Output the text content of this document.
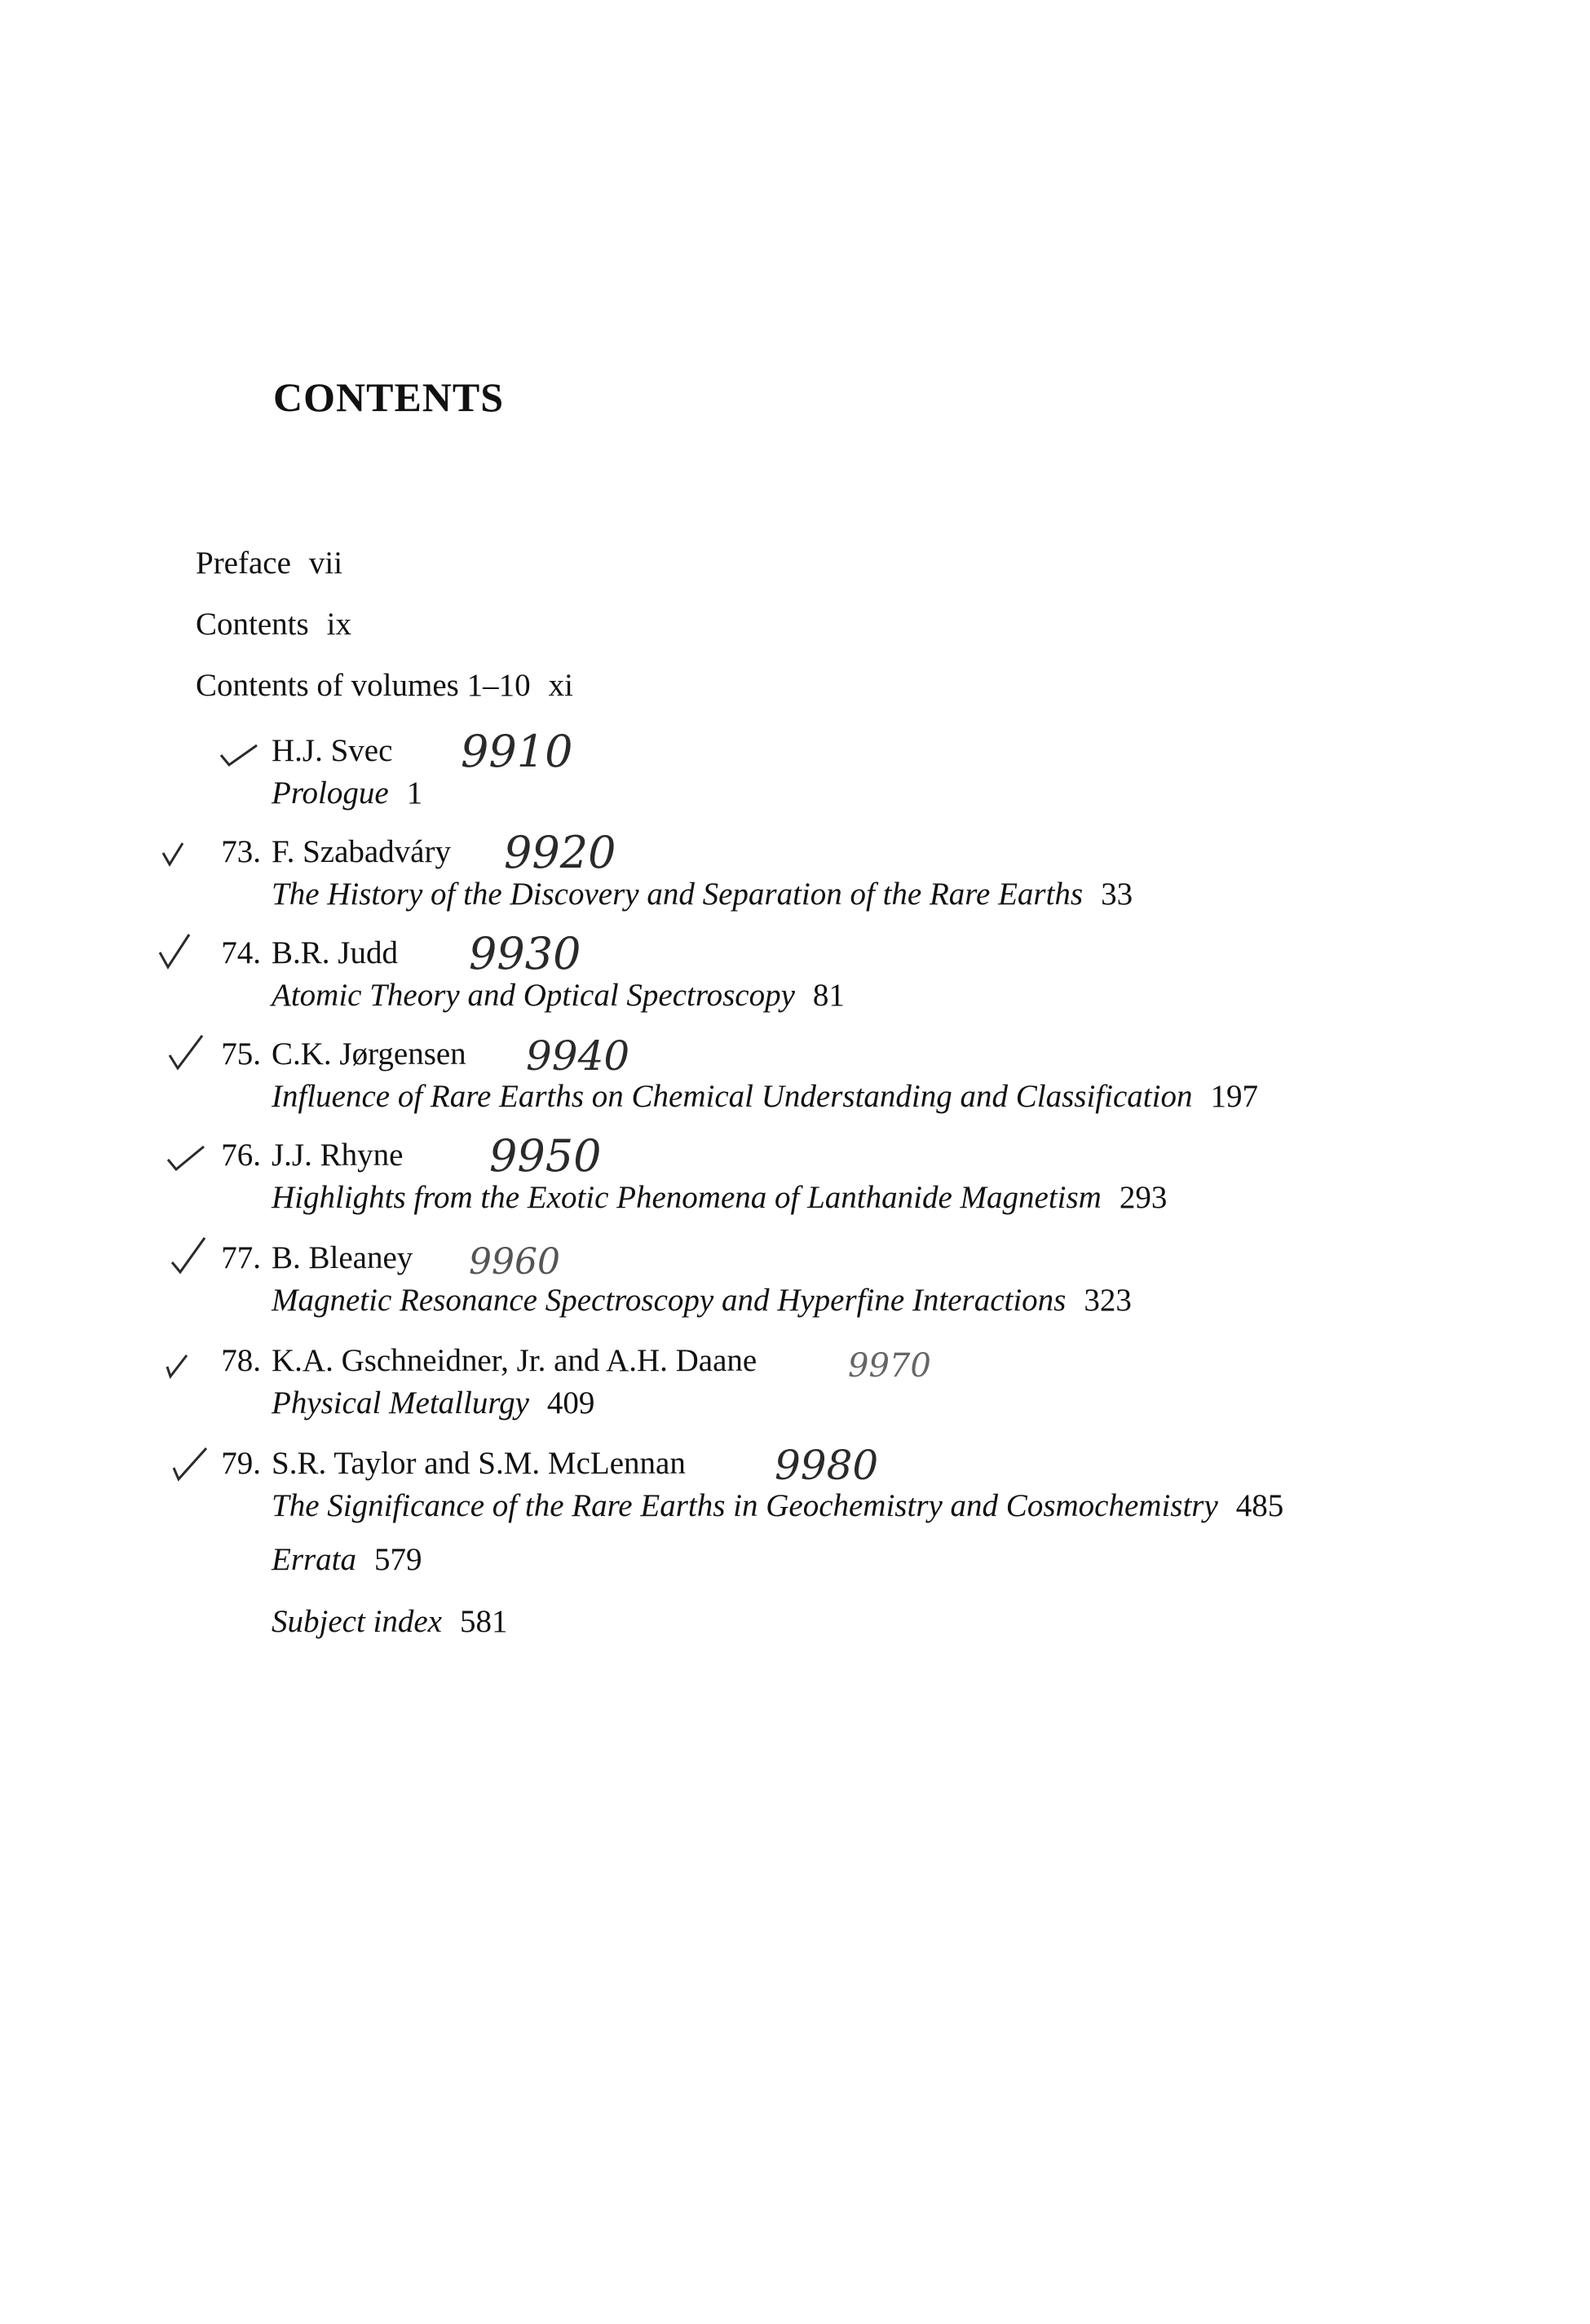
CONTENTS
Preface vii
Contents ix
Contents of volumes 1–10 xi
H.J. Svec 9910
Prologue 1
73. F. Szabadváry 9920
The History of the Discovery and Separation of the Rare Earths 33
74. B.R. Judd 9930
Atomic Theory and Optical Spectroscopy 81
75. C.K. Jørgensen 9940
Influence of Rare Earths on Chemical Understanding and Classification 197
76. J.J. Rhyne 9950
Highlights from the Exotic Phenomena of Lanthanide Magnetism 293
77. B. Bleaney 9960
Magnetic Resonance Spectroscopy and Hyperfine Interactions 323
78. K.A. Gschneidner, Jr. and A.H. Daane	9970
Physical Metallurgy 409
79. S.R. Taylor and S.M. McLennan 9980
The Significance of the Rare Earths in Geochemistry and Cosmochemistry 485
Errata 579
Subject index 581
